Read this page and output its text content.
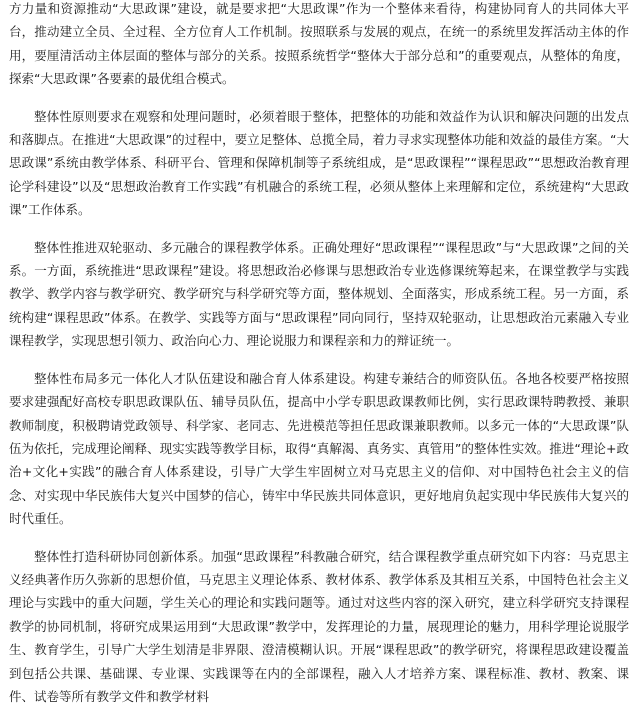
方力量和资源推动“大思政课”建设，就是要求把“大思政课”作为一个整体来看待，构建协同育人的共同体大平台，推动建立全员、全过程、全方位育人工作机制。按照联系与发展的观点，在统一的系统里发挥活动主体的作用，要厘清活动主体层面的整体与部分的关系。按照系统哲学“整体大于部分总和”的重要观点，从整体的角度，探索“大思政课”各要素的最优组合模式。

整体性原则要求在观察和处理问题时，必须着眼于整体，把整体的功能和效益作为认识和解决问题的出发点和落脚点。在推进“大思政课”的过程中，要立足整体、总揽全局，着力寻求实现整体功能和效益的最佳方案。“大思政课”系统由教学体系、科研平台、管理和保障机制等子系统组成，是“思政课程”“课程思政”“思想政治教育理论学科建设”以及“思想政治教育工作实践”有机融合的系统工程，必须从整体上来理解和定位，系统建构“大思政课”工作体系。

整体性推进双轮驱动、多元融合的课程教学体系。正确处理好“思政课程”“课程思政”与“大思政课”之间的关系。一方面，系统推进“思政课程”建设。将思想政治必修课与思想政治专业选修课统筹起来，在课堂教学与实践教学、教学内容与教学研究、教学研究与科学研究等方面，整体规划、全面落实，形成系统工程。另一方面，系统构建“课程思政”体系。在教学、实践等方面与“思政课程”同向同行，坚持双轮驱动，让思想政治元素融入专业课程教学，实现思想引领力、政治向心力、理论说服力和课程亲和力的辩证统一。

整体性布局多元一体化人才队伍建设和融合育人体系建设。构建专兼结合的师资队伍。各地各校要严格按照要求建强配好高校专职思政课队伍、辅导员队伍，提高中小学专职思政课教师比例，实行思政课特聘教授、兼职教师制度，积极聘请党政领导、科学家、老同志、先进模范等担任思政课兼职教师。以多元一体的“大思政课”队伍为依托，完成理论阐释、现实实践等教学目标，取得“真解渴、真务实、真管用”的整体性实效。推进“理论+政治+文化+实践”的融合育人体系建设，引导广大学生牢固树立对马克思主义的信仰、对中国特色社会主义的信念、对实现中华民族伟大复兴中国梦的信心，铸牢中华民族共同体意识，更好地肩负起实现中华民族伟大复兴的时代重任。

整体性打造科研协同创新体系。加强“思政课程”科教融合研究，结合课程教学重点研究如下内容：马克思主义经典著作历久弥新的思想价值，马克思主义理论体系、教材体系、教学体系及其相互关系，中国特色社会主义理论与实践中的重大问题，学生关心的理论和实践问题等。通过对这些内容的深入研究，建立科学研究支持课程教学的协同机制，将研究成果运用到“大思政课”教学中，发挥理论的力量，展现理论的魅力，用科学理论说服学生、教育学生，引导广大学生划清是非界限、澄清模糊认识。开展“课程思政”的教学研究，将课程思政建设覆盖到包括公共课、基础课、专业课、实践课等在内的全部课程，融入人才培养方案、课程标准、教材、教案、课件、试卷等所有教学文件和教学材料
